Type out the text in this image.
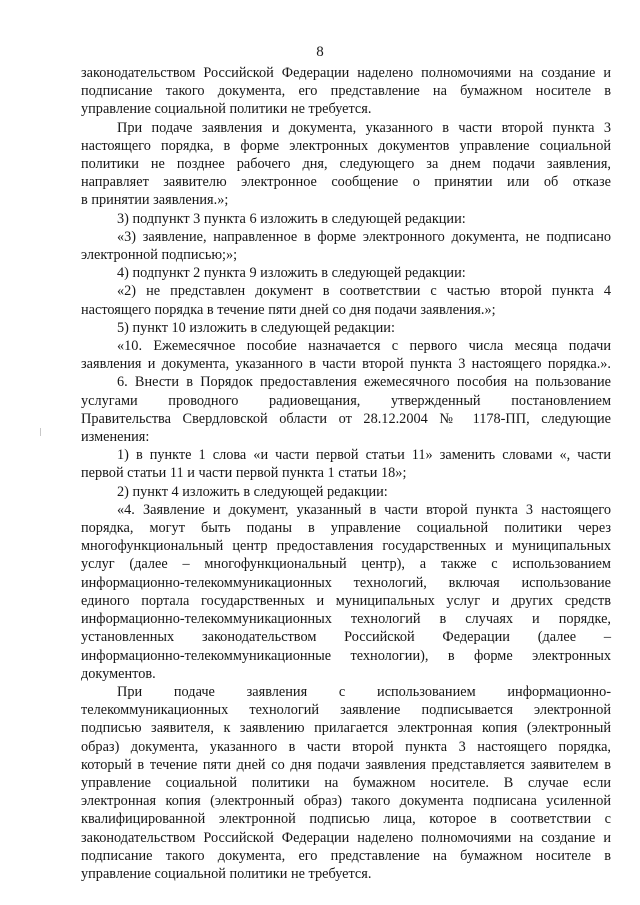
8
законодательством Российской Федерации наделено полномочиями на создание и
подписание такого документа, его представление на бумажном носителе в
управление социальной политики не требуется.
При подаче заявления и документа, указанного в части второй пункта 3
настоящего порядка, в форме электронных документов управление социальной
политики не позднее рабочего дня, следующего за днем подачи заявления,
направляет заявителю электронное сообщение о принятии или об отказе
в принятии заявления.»;
3) подпункт 3 пункта 6 изложить в следующей редакции:
«3) заявление, направленное в форме электронного документа, не подписано
электронной подписью;»;
4) подпункт 2 пункта 9 изложить в следующей редакции:
«2) не представлен документ в соответствии с частью второй пункта 4
настоящего порядка в течение пяти дней со дня подачи заявления.»;
5) пункт 10 изложить в следующей редакции:
«10. Ежемесячное пособие назначается с первого числа месяца подачи
заявления и документа, указанного в части второй пункта 3 настоящего порядка.».
6. Внести в Порядок предоставления ежемесячного пособия на пользование
услугами проводного радиовещания, утвержденный постановлением
Правительства Свердловской области от 28.12.2004 № 1178-ПП, следующие
изменения:
1) в пункте 1 слова «и части первой статьи 11» заменить словами «, части
первой статьи 11 и части первой пункта 1 статьи 18»;
2) пункт 4 изложить в следующей редакции:
«4. Заявление и документ, указанный в части второй пункта 3 настоящего
порядка, могут быть поданы в управление социальной политики через
многофункциональный центр предоставления государственных и муниципальных
услуг (далее – многофункциональный центр), а также с использованием
информационно-телекоммуникационных технологий, включая использование
единого портала государственных и муниципальных услуг и других средств
информационно-телекоммуникационных технологий в случаях и порядке,
установленных законодательством Российской Федерации (далее –
информационно-телекоммуникационные технологии), в форме электронных
документов.
При подаче заявления с использованием информационно-
телекоммуникационных технологий заявление подписывается электронной
подписью заявителя, к заявлению прилагается электронная копия (электронный
образ) документа, указанного в части второй пункта 3 настоящего порядка,
который в течение пяти дней со дня подачи заявления представляется заявителем в
управление социальной политики на бумажном носителе. В случае если
электронная копия (электронный образ) такого документа подписана усиленной
квалифицированной электронной подписью лица, которое в соответствии с
законодательством Российской Федерации наделено полномочиями на создание и
подписание такого документа, его представление на бумажном носителе в
управление социальной политики не требуется.
